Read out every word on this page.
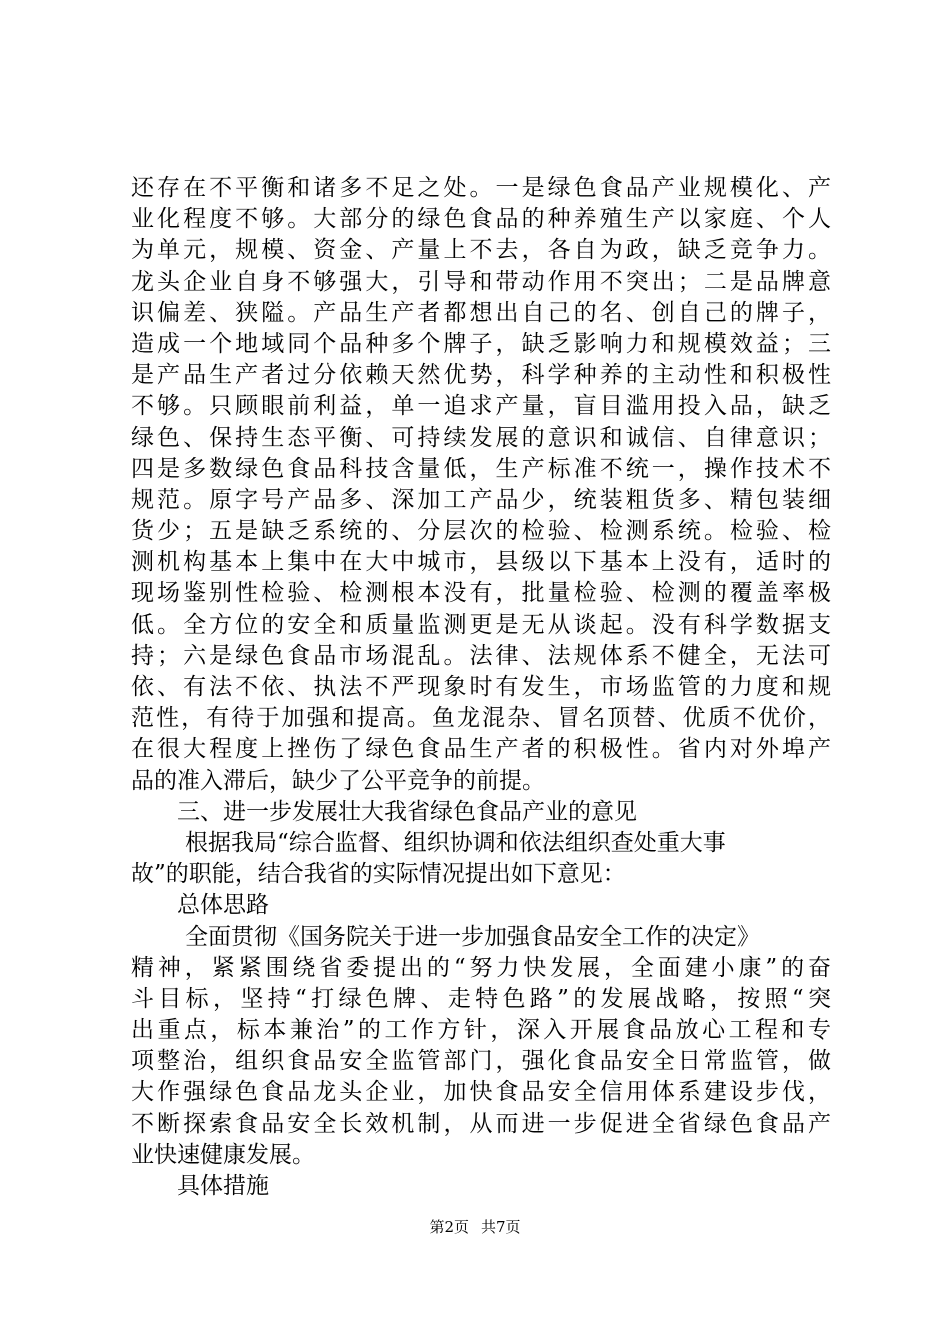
还存在不平衡和诸多不足之处。一是绿色食品产业规模化、产
业化程度不够。大部分的绿色食品的种养殖生产以家庭、个人
为单元，规模、资金、产量上不去，各自为政，缺乏竞争力。
龙头企业自身不够强大，引导和带动作用不突出；二是品牌意
识偏差、狭隘。产品生产者都想出自己的名、创自己的牌子，
造成一个地域同个品种多个牌子，缺乏影响力和规模效益；三
是产品生产者过分依赖天然优势，科学种养的主动性和积极性
不够。只顾眼前利益，单一追求产量，盲目滥用投入品，缺乏
绿色、保持生态平衡、可持续发展的意识和诚信、自律意识；
四是多数绿色食品科技含量低，生产标准不统一，操作技术不
规范。原字号产品多、深加工产品少，统装粗货多、精包装细
货少；五是缺乏系统的、分层次的检验、检测系统。检验、检
测机构基本上集中在大中城市，县级以下基本上没有，适时的
现场鉴别性检验、检测根本没有，批量检验、检测的覆盖率极
低。全方位的安全和质量监测更是无从谈起。没有科学数据支
持；六是绿色食品市场混乱。法律、法规体系不健全，无法可
依、有法不依、执法不严现象时有发生，市场监管的力度和规
范性，有待于加强和提高。鱼龙混杂、冒名顶替、优质不优价，
在很大程度上挫伤了绿色食品生产者的积极性。省内对外埠产
品的准入滞后，缺少了公平竞争的前提。
三、进一步发展壮大我省绿色食品产业的意见
根据我局“综合监督、组织协调和依法组织查处重大事
故”的职能，结合我省的实际情况提出如下意见：
总体思路
全面贯彻《国务院关于进一步加强食品安全工作的决定》
精神，紧紧围绕省委提出的“努力快发展，全面建小康”的奋
斗目标，坚持“打绿色牌、走特色路”的发展战略，按照“突
出重点，标本兼治”的工作方针，深入开展食品放心工程和专
项整治，组织食品安全监管部门，强化食品安全日常监管，做
大作强绿色食品龙头企业，加快食品安全信用体系建设步伐，
不断探索食品安全长效机制，从而进一步促进全省绿色食品产
业快速健康发展。
具体措施
第2页 共7页
